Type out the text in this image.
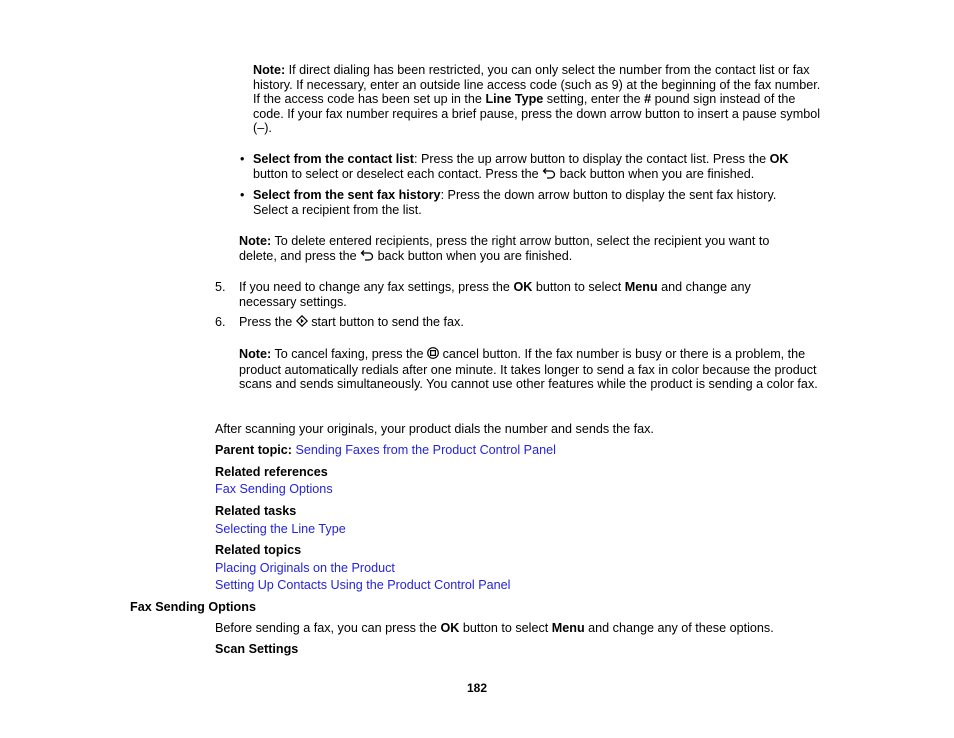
Note: If direct dialing has been restricted, you can only select the number from the contact list or fax history. If necessary, enter an outside line access code (such as 9) at the beginning of the fax number. If the access code has been set up in the Line Type setting, enter the # pound sign instead of the code. If your fax number requires a brief pause, press the down arrow button to insert a pause symbol (–).
• Select from the contact list: Press the up arrow button to display the contact list. Press the OK button to select or deselect each contact. Press the  back button when you are finished.
• Select from the sent fax history: Press the down arrow button to display the sent fax history. Select a recipient from the list.
Note: To delete entered recipients, press the right arrow button, select the recipient you want to delete, and press the  back button when you are finished.
5. If you need to change any fax settings, press the OK button to select Menu and change any necessary settings.
6. Press the  start button to send the fax.
Note: To cancel faxing, press the  cancel button. If the fax number is busy or there is a problem, the product automatically redials after one minute. It takes longer to send a fax in color because the product scans and sends simultaneously. You cannot use other features while the product is sending a color fax.
After scanning your originals, your product dials the number and sends the fax.
Parent topic: Sending Faxes from the Product Control Panel
Related references
Fax Sending Options
Related tasks
Selecting the Line Type
Related topics
Placing Originals on the Product
Setting Up Contacts Using the Product Control Panel
Fax Sending Options
Before sending a fax, you can press the OK button to select Menu and change any of these options.
Scan Settings
182
